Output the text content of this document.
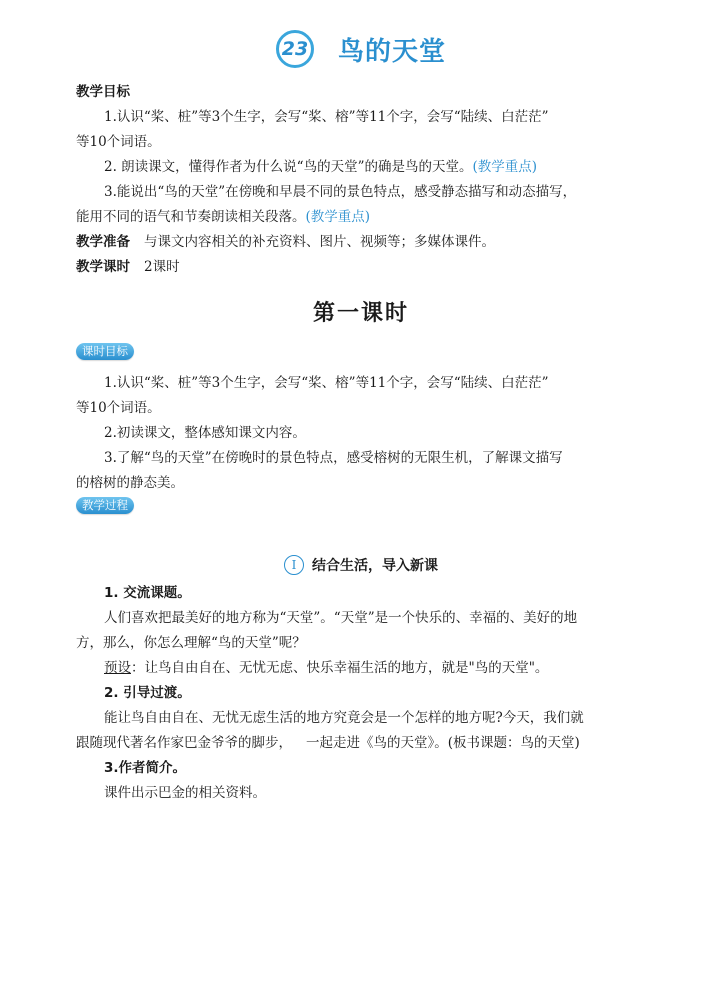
23 鸟的天堂
教学目标
1.认识“桨、桩”等3个生字，会写“桨、榕”等11个字，会写“陆续、白茫茫”
等10个词语。
2. 朗读课文，懂得作者为什么说“鸟的天堂”的确是鸟的天堂。(教学重点)
3.能说出“鸟的天堂”在傍晚和早晨不同的景色特点，感受静态描写和动态描写，
能用不同的语气和节奏朗读相关段落。(教学重点)
教学准备 与课文内容相关的补充资料、图片、视频等；多媒体课件。
教学课时 2课时
第一课时
课时目标
1.认识“桨、桩”等3个生字，会写“桨、榕”等11个字，会写“陆续、白茫茫”
等10个词语。
2.初读课文，整体感知课文内容。
3.了解“鸟的天堂”在傍晚时的景色特点，感受榕树的无限生机，了解课文描写
的榕树的静态美。
教学过程
I	结合生活，导入新课
1. 交流课题。
人们喜欢把最美好的地方称为“天堂”。“天堂”是一个快乐的、幸福的、美好的地
方，那么，你怎么理解“鸟的天堂”呢？
预设：让鸟自由自在、无忧无虑、快乐幸福生活的地方，就是"鸟的天堂"。
2. 引导过渡。
能让鸟自由自在、无忧无虑生活的地方究竟会是一个怎样的地方呢?今天，我们就
跟随现代著名作家巴金爷爷的脚步， 一起走进《鸟的天堂》。(板书课题：鸟的天堂)
3.作者简介。
课件出示巴金的相关资料。
